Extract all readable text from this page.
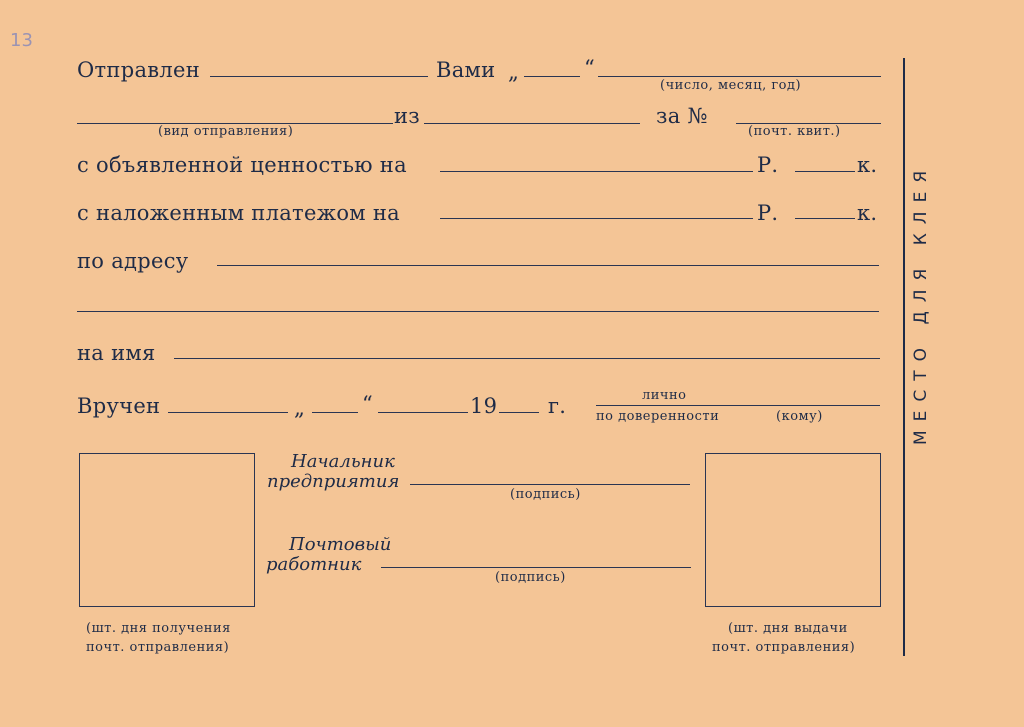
13
Отправлен	Вами „	“
(число, месяц, год)
(вид отправления)
из	за №
(почт. квит.)
с объявленной ценностью на	Р.	к.
с наложенным платежом на	Р.	к.
по адресу
на имя
Вручен	„	“	19 г.	лично
по доверенности	(кому)
(шт. дня получения
почт. отправления)
(шт. дня выдачи
почт. отправления)
Начальник
предприятия
(подпись)
Почтовый
работник
(подпись)
МЕСТО ДЛЯ КЛЕЯ
